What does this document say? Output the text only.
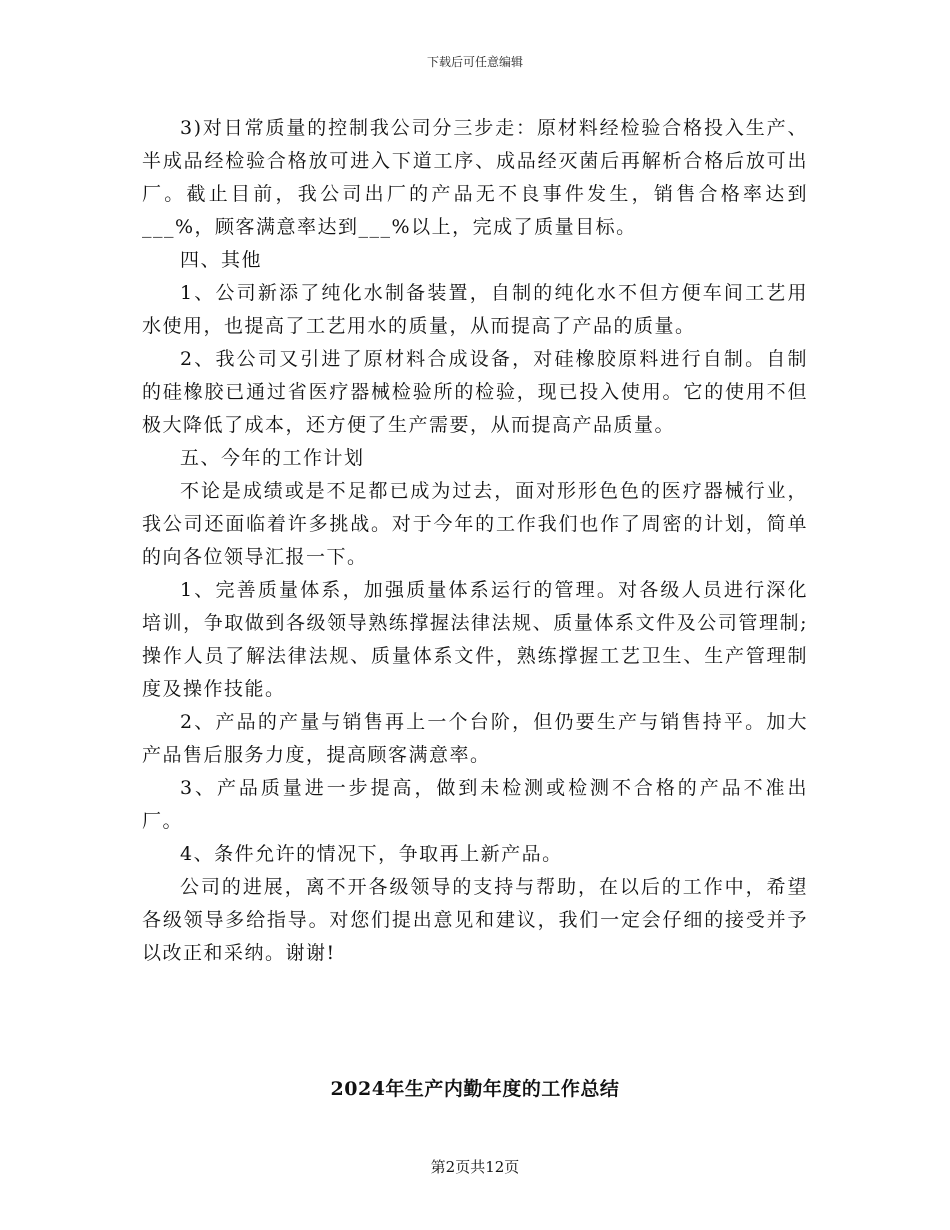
下载后可任意编辑

3)对日常质量的控制我公司分三步走：原材料经检验合格投入生产、半成品经检验合格放可进入下道工序、成品经灭菌后再解析合格后放可出厂。截止目前，我公司出厂的产品无不良事件发生，销售合格率达到___%，顾客满意率达到___%以上，完成了质量目标。

四、其他

1、公司新添了纯化水制备装置，自制的纯化水不但方便车间工艺用水使用，也提高了工艺用水的质量，从而提高了产品的质量。

2、我公司又引进了原材料合成设备，对硅橡胶原料进行自制。自制的硅橡胶已通过省医疗器械检验所的检验，现已投入使用。它的使用不但极大降低了成本，还方便了生产需要，从而提高产品质量。

五、今年的工作计划

不论是成绩或是不足都已成为过去，面对形形色色的医疗器械行业，我公司还面临着许多挑战。对于今年的工作我们也作了周密的计划，简单的向各位领导汇报一下。

1、完善质量体系，加强质量体系运行的管理。对各级人员进行深化培训，争取做到各级领导熟练撑握法律法规、质量体系文件及公司管理制;操作人员了解法律法规、质量体系文件，熟练撑握工艺卫生、生产管理制度及操作技能。

2、产品的产量与销售再上一个台阶，但仍要生产与销售持平。加大产品售后服务力度，提高顾客满意率。

3、产品质量进一步提高，做到未检测或检测不合格的产品不准出厂。

4、条件允许的情况下，争取再上新产品。

公司的进展，离不开各级领导的支持与帮助，在以后的工作中，希望各级领导多给指导。对您们提出意见和建议，我们一定会仔细的接受并予以改正和采纳。谢谢!

2024年生产内勤年度的工作总结
第2页共12页
